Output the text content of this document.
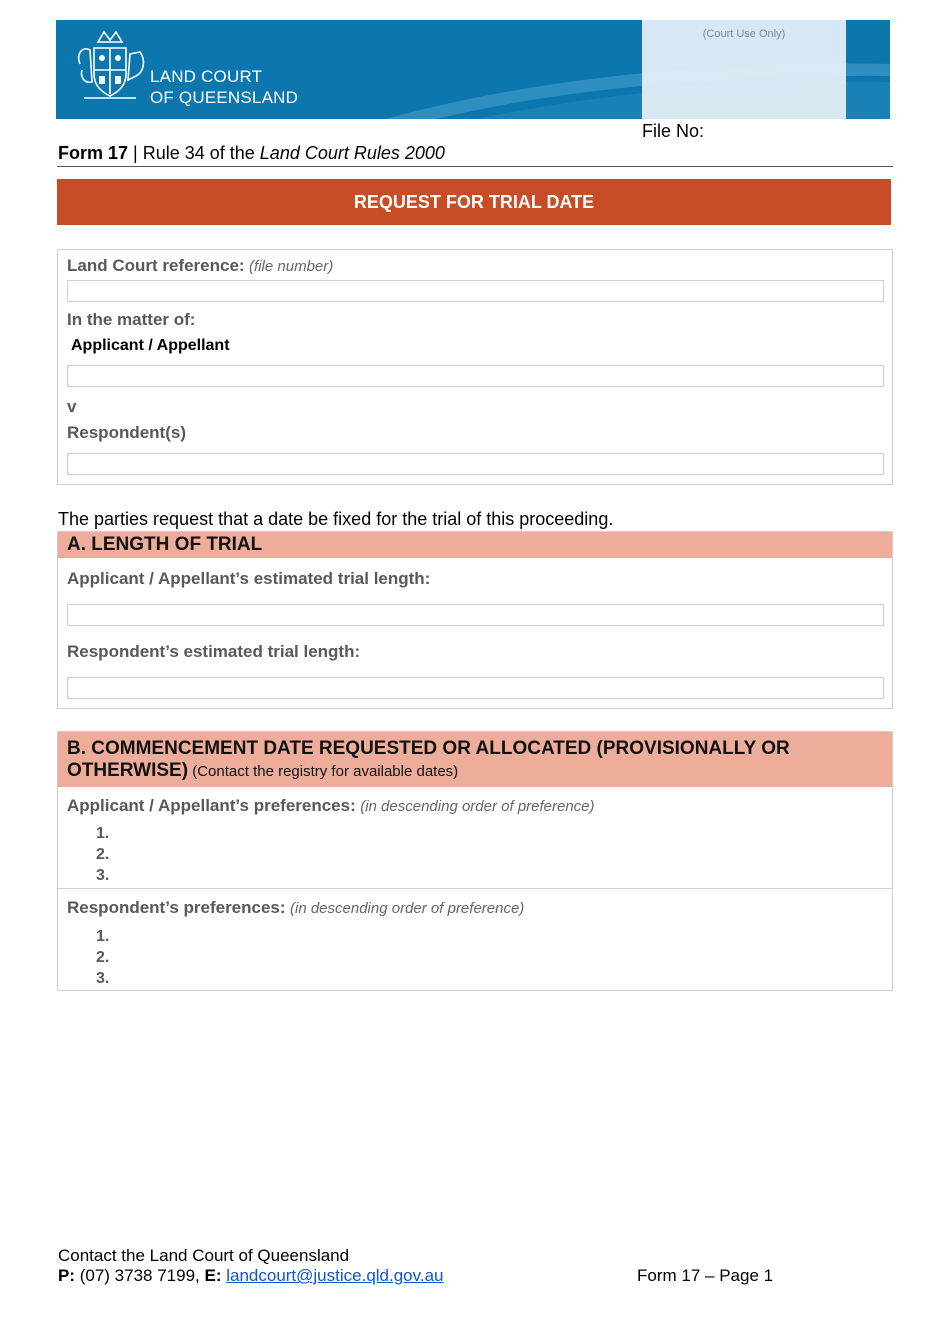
(Court Use Only)
LAND COURT
OF QUEENSLAND
File No:
Form 17 | Rule 34 of the Land Court Rules 2000
REQUEST FOR TRIAL DATE
Land Court reference: (file number)
In the matter of:
Applicant / Appellant
v
Respondent(s)
The parties request that a date be fixed for the trial of this proceeding.
A. LENGTH OF TRIAL
Applicant / Appellant’s estimated trial length:
Respondent’s estimated trial length:
B. COMMENCEMENT DATE REQUESTED OR ALLOCATED (PROVISIONALLY OR
OTHERWISE) (Contact the registry for available dates)
Applicant / Appellant’s preferences: (in descending order of preference)
1.
2.
3.
Respondent’s preferences: (in descending order of preference)
1.
2.
3.
Contact the Land Court of Queensland
P: (07) 3738 7199, E: landcourt@justice.qld.gov.au	Form 17 – Page 1
